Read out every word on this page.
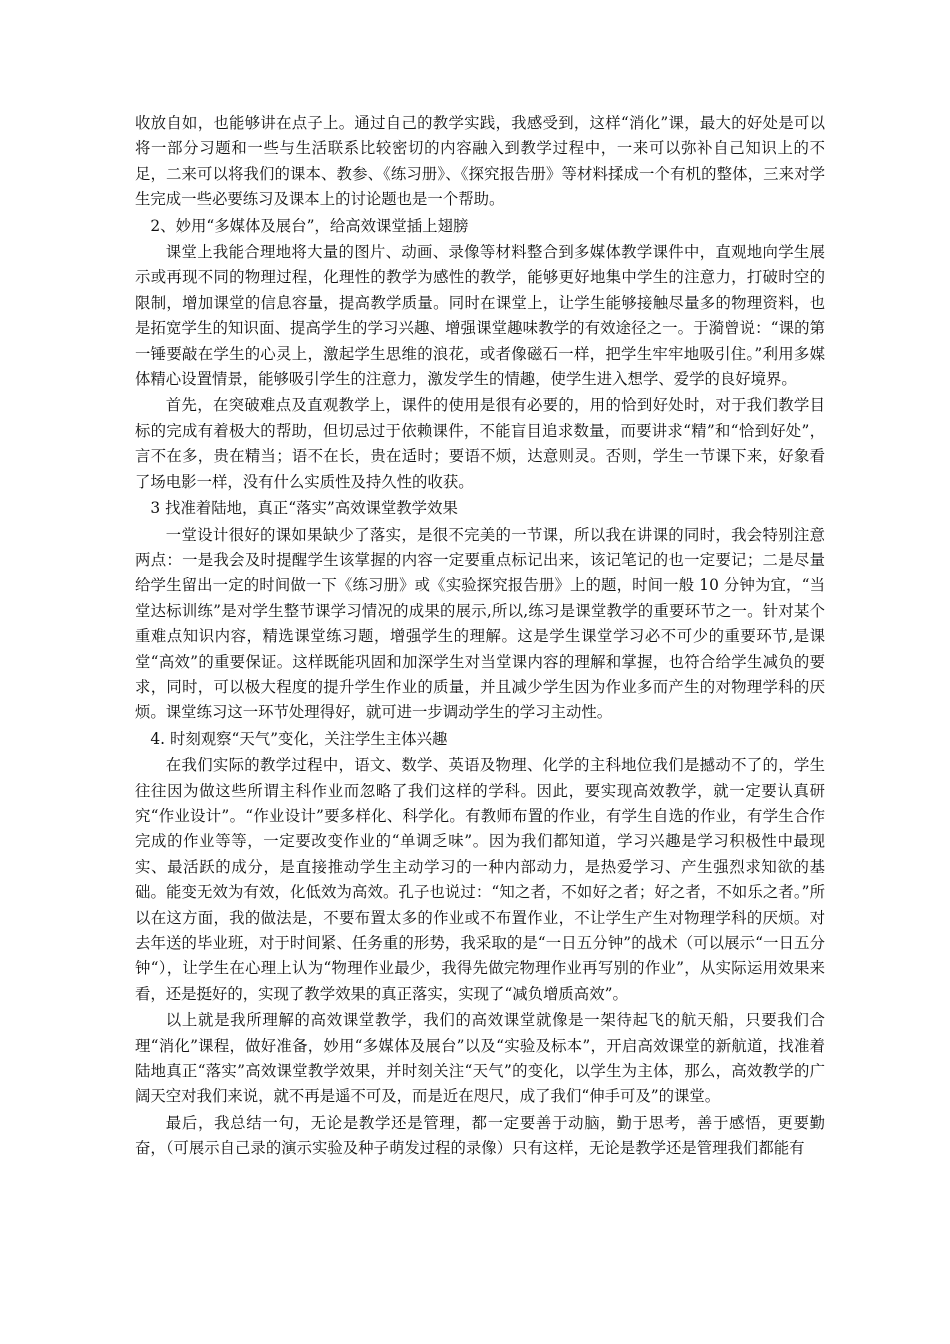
收放自如，也能够讲在点子上。通过自己的教学实践，我感受到，这样“消化”课，最大的好处是可以将一部分习题和一些与生活联系比较密切的内容融入到教学过程中，一来可以弥补自己知识上的不足，二来可以将我们的课本、教参、《练习册》、《探究报告册》等材料揉成一个有机的整体，三来对学生完成一些必要练习及课本上的讨论题也是一个帮助。

2、妙用“多媒体及展台”，给高效课堂插上翅膀

课堂上我能合理地将大量的图片、动画、录像等材料整合到多媒体教学课件中，直观地向学生展示或再现不同的物理过程，化理性的教学为感性的教学，能够更好地集中学生的注意力，打破时空的限制，增加课堂的信息容量，提高教学质量。同时在课堂上，让学生能够接触尽量多的物理资料，也是拓宽学生的知识面、提高学生的学习兴趣、增强课堂趣味教学的有效途径之一。于漪曾说：“课的第一锤要敲在学生的心灵上，激起学生思维的浪花，或者像磁石一样，把学生牢牢地吸引住。”利用多媒体精心设置情景，能够吸引学生的注意力，激发学生的情趣，使学生进入想学、爱学的良好境界。

首先，在突破难点及直观教学上，课件的使用是很有必要的，用的恰到好处时，对于我们教学目标的完成有着极大的帮助，但切忌过于依赖课件，不能盲目追求数量，而要讲求“精”和“恰到好处”，言不在多，贵在精当；语不在长，贵在适时；要语不烦，达意则灵。否则，学生一节课下来，好象看了场电影一样，没有什么实质性及持久性的收获。

3 找准着陆地，真正“落实”高效课堂教学效果

一堂设计很好的课如果缺少了落实，是很不完美的一节课，所以我在讲课的同时，我会特别注意两点：一是我会及时提醒学生该掌握的内容一定要重点标记出来，该记笔记的也一定要记；二是尽量给学生留出一定的时间做一下《练习册》或《实验探究报告册》上的题，时间一般 10 分钟为宜，“当堂达标训练”是对学生整节课学习情况的成果的展示,所以,练习是课堂教学的重要环节之一。针对某个重难点知识内容，精选课堂练习题，增强学生的理解。这是学生课堂学习必不可少的重要环节,是课堂“高效”的重要保证。这样既能巩固和加深学生对当堂课内容的理解和掌握，也符合给学生减负的要求，同时，可以极大程度的提升学生作业的质量，并且减少学生因为作业多而产生的对物理学科的厌烦。课堂练习这一环节处理得好，就可进一步调动学生的学习主动性。

4. 时刻观察“天气”变化，关注学生主体兴趣

在我们实际的教学过程中，语文、数学、英语及物理、化学的主科地位我们是撼动不了的，学生往往因为做这些所谓主科作业而忽略了我们这样的学科。因此，要实现高效教学，就一定要认真研究“作业设计”。“作业设计”要多样化、科学化。有教师布置的作业，有学生自选的作业，有学生合作完成的作业等等，一定要改变作业的“单调乏味”。因为我们都知道，学习兴趣是学习积极性中最现实、最活跃的成分，是直接推动学生主动学习的一种内部动力，是热爱学习、产生强烈求知欲的基础。能变无效为有效，化低效为高效。孔子也说过：“知之者，不如好之者；好之者，不如乐之者。”所以在这方面，我的做法是，不要布置太多的作业或不布置作业，不让学生产生对物理学科的厌烦。对去年送的毕业班，对于时间紧、任务重的形势，我采取的是“一日五分钟”的战术（可以展示“一日五分钟“），让学生在心理上认为“物理作业最少，我得先做完物理作业再写别的作业”，从实际运用效果来看，还是挺好的，实现了教学效果的真正落实，实现了“减负增质高效”。

以上就是我所理解的高效课堂教学，我们的高效课堂就像是一架待起飞的航天船，只要我们合理“消化”课程，做好准备，妙用“多媒体及展台”以及“实验及标本”，开启高效课堂的新航道，找准着陆地真正“落实”高效课堂教学效果，并时刻关注“天气”的变化，以学生为主体，那么，高效教学的广阔天空对我们来说，就不再是遥不可及，而是近在咫尺，成了我们“伸手可及”的课堂。

最后，我总结一句，无论是教学还是管理，都一定要善于动脑，勤于思考，善于感悟，更要勤奋，（可展示自己录的演示实验及种子萌发过程的录像）只有这样，无论是教学还是管理我们都能有
